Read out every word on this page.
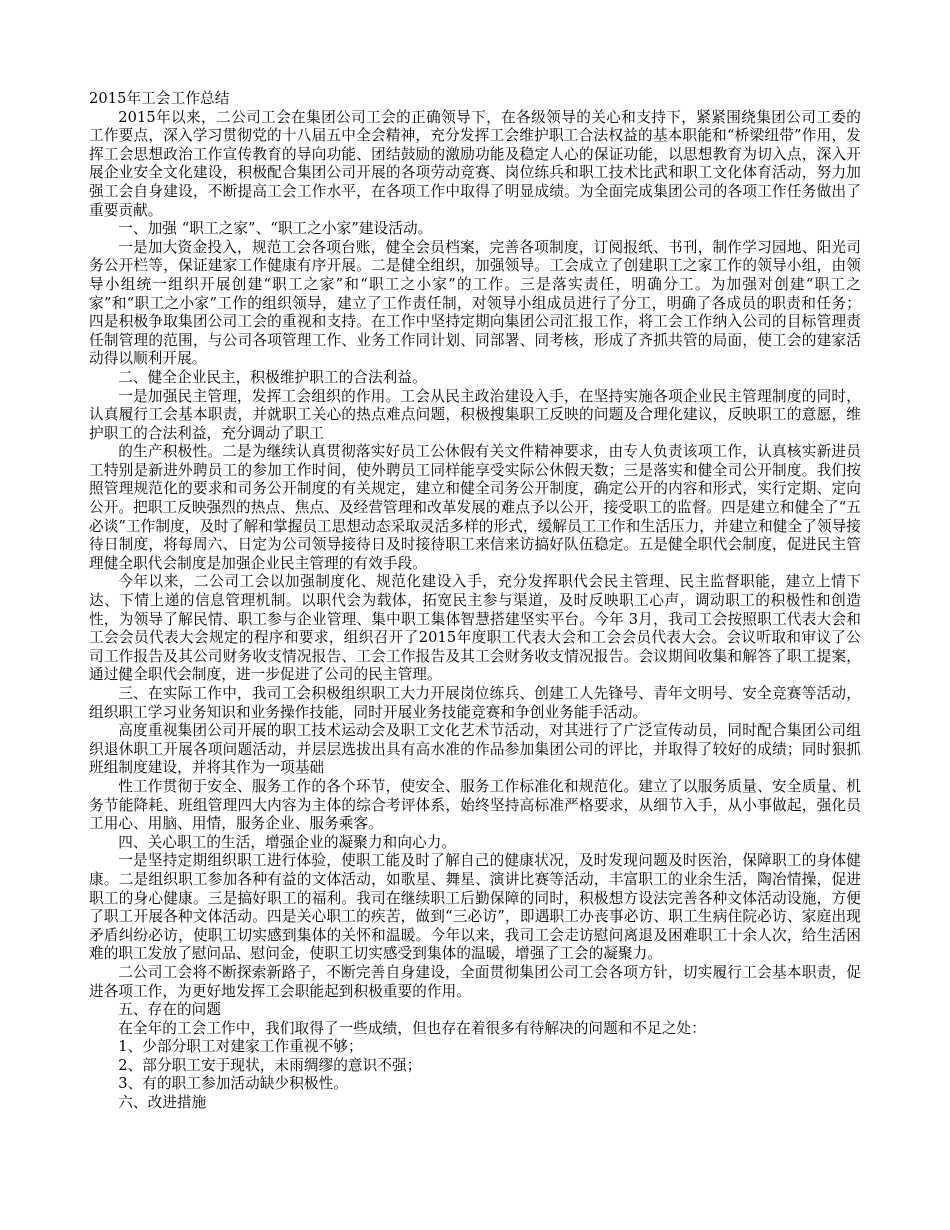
2015年工会工作总结

2015年以来，二公司工会在集团公司工会的正确领导下，在各级领导的关心和支持下，紧紧围绕集团公司工委的工作要点，深入学习贯彻党的十八届五中全会精神，充分发挥工会维护职工合法权益的基本职能和“桥梁纽带”作用，发挥工会思想政治工作宣传教育的导向功能、团结鼓励的激励功能及稳定人心的保证功能，以思想教育为切入点，深入开展企业安全文化建设，积极配合集团公司开展的各项劳动竞赛、岗位练兵和职工技术比武和职工文化体育活动，努力加强工会自身建设，不断提高工会工作水平，在各项工作中取得了明显成绩。为全面完成集团公司的各项工作任务做出了重要贡献。

一、加强 “职工之家”、“职工之小家”建设活动。

一是加大资金投入，规范工会各项台账，健全会员档案，完善各项制度，订阅报纸、书刊，制作学习园地、阳光司务公开栏等，保证建家工作健康有序开展。二是健全组织，加强领导。工会成立了创建职工之家工作的领导小组，由领导小组统一组织开展创建“职工之家”和“职工之小家”的工作。三是落实责任，明确分工。为加强对创建“职工之家”和“职工之小家”工作的组织领导，建立了工作责任制，对领导小组成员进行了分工，明确了各成员的职责和任务；四是积极争取集团公司工会的重视和支持。在工作中坚持定期向集团公司汇报工作，将工会工作纳入公司的目标管理责任制管理的范围，与公司各项管理工作、业务工作同计划、同部署、同考核，形成了齐抓共管的局面，使工会的建家活动得以顺利开展。

二、健全企业民主，积极维护职工的合法利益。

一是加强民主管理，发挥工会组织的作用。工会从民主政治建设入手，在坚持实施各项企业民主管理制度的同时，认真履行工会基本职责，并就职工关心的热点难点问题，积极搜集职工反映的问题及合理化建议，反映职工的意愿，维护职工的合法利益，充分调动了职工

的生产积极性。二是为继续认真贯彻落实好员工公休假有关文件精神要求，由专人负责该项工作，认真核实新进员工特别是新进外聘员工的参加工作时间，使外聘员工同样能享受实际公休假天数；三是落实和健全司公开制度。我们按照管理规范化的要求和司务公开制度的有关规定，建立和健全司务公开制度，确定公开的内容和形式，实行定期、定向公开。把职工反映强烈的热点、焦点、及经营管理和改革发展的难点予以公开，接受职工的监督。四是建立和健全了“五必谈”工作制度，及时了解和掌握员工思想动态采取灵活多样的形式，缓解员工工作和生活压力，并建立和健全了领导接待日制度，将每周六、日定为公司领导接待日及时接待职工来信来访搞好队伍稳定。五是健全职代会制度，促进民主管理健全职代会制度是加强企业民主管理的有效手段。

今年以来，二公司工会以加强制度化、规范化建设入手，充分发挥职代会民主管理、民主监督职能，建立上情下达、下情上递的信息管理机制。以职代会为载体，拓宽民主参与渠道，及时反映职工心声，调动职工的积极性和创造性，为领导了解民情、职工参与企业管理、集中职工集体智慧搭建坚实平台。今年 3月，我司工会按照职工代表大会和工会会员代表大会规定的程序和要求，组织召开了2015年度职工代表大会和工会会员代表大会。会议听取和审议了公司工作报告及其公司财务收支情况报告、工会工作报告及其工会财务收支情况报告。会议期间收集和解答了职工提案，通过健全职代会制度，进一步促进了公司的民主管理。

三、在实际工作中，我司工会积极组织职工大力开展岗位练兵、创建工人先锋号、青年文明号、安全竞赛等活动，组织职工学习业务知识和业务操作技能，同时开展业务技能竞赛和争创业务能手活动。

高度重视集团公司开展的职工技术运动会及职工文化艺术节活动，对其进行了广泛宣传动员，同时配合集团公司组织退休职工开展各项问题活动，并层层选拔出具有高水准的作品参加集团公司的评比，并取得了较好的成绩；同时狠抓班组制度建设，并将其作为一项基础

性工作贯彻于安全、服务工作的各个环节，使安全、服务工作标准化和规范化。建立了以服务质量、安全质量、机务节能降耗、班组管理四大内容为主体的综合考评体系，始终坚持高标准严格要求，从细节入手，从小事做起，强化员工用心、用脑、用情，服务企业、服务乘客。

四、关心职工的生活，增强企业的凝聚力和向心力。

一是坚持定期组织职工进行体验，使职工能及时了解自己的健康状况，及时发现问题及时医治，保障职工的身体健康。二是组织职工参加各种有益的文体活动，如歌星、舞星、演讲比赛等活动，丰富职工的业余生活，陶冶情操，促进职工的身心健康。三是搞好职工的福利。我司在继续职工后勤保障的同时，积极想方设法完善各种文体活动设施，方便了职工开展各种文体活动。四是关心职工的疾苦，做到“三必访”，即遇职工办丧事必访、职工生病住院必访、家庭出现矛盾纠纷必访，使职工切实感到集体的关怀和温暖。今年以来，我司工会走访慰问离退及困难职工十余人次，给生活困难的职工发放了慰问品、慰问金，使职工切实感受到集体的温暖，增强了工会的凝聚力。

二公司工会将不断探索新路子，不断完善自身建设，全面贯彻集团公司工会各项方针，切实履行工会基本职责，促进各项工作，为更好地发挥工会职能起到积极重要的作用。

五、存在的问题

在全年的工会工作中，我们取得了一些成绩，但也存在着很多有待解决的问题和不足之处：

1、少部分职工对建家工作重视不够；

2、部分职工安于现状，未雨绸缪的意识不强；

3、有的职工参加活动缺少积极性。

六、改进措施
